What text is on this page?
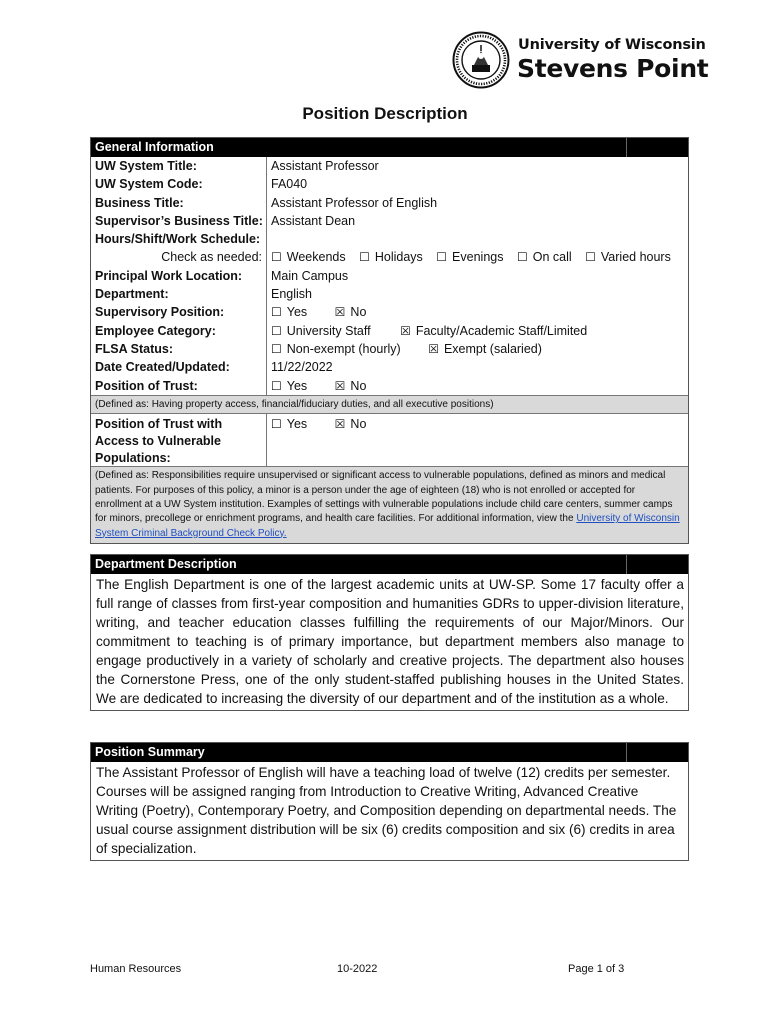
University of Wisconsin
Stevens Point
Position Description
General Information
UW System Title:	Assistant Professor
UW System Code:	FA040
Business Title:	Assistant Professor of English
Supervisor’s Business Title: Assistant Dean
Hours/Shift/Work Schedule:
Check as needed: ☐ Weekends ☐ Holidays ☐ Evenings ☐ On call ☐ Varied hours
Principal Work Location:	Main Campus
Department:	English
Supervisory Position:	☐ Yes ☒ No
Employee Category:	☐ University Staff ☒ Faculty/Academic Staff/Limited
FLSA Status:	☐ Non-exempt (hourly) ☒ Exempt (salaried)
Date Created/Updated:	11/22/2022
Position of Trust:	☐ Yes ☒ No
(Defined as: Having property access, financial/fiduciary duties, and all executive positions)
Position of Trust with Access to Vulnerable Populations:
☐ Yes ☒ No
(Defined as: Responsibilities require unsupervised or significant access to vulnerable populations, defined as minors and medical patients. For purposes of this policy, a minor is a person under the age of eighteen (18) who is not enrolled or accepted for enrollment at a UW System institution. Examples of settings with vulnerable populations include child care centers, summer camps for minors, precollege or enrichment programs, and health care facilities. For additional information, view the University of Wisconsin System Criminal Background Check Policy.
Department Description
The English Department is one of the largest academic units at UW-SP. Some 17 faculty offer a full range of classes from first-year composition and humanities GDRs to upper-division literature, writing, and teacher education classes fulfilling the requirements of our Major/Minors. Our commitment to teaching is of primary importance, but department members also manage to engage productively in a variety of scholarly and creative projects. The department also houses the Cornerstone Press, one of the only student-staffed publishing houses in the United States. We are dedicated to increasing the diversity of our department and of the institution as a whole.
Position Summary
The Assistant Professor of English will have a teaching load of twelve (12) credits per semester. Courses will be assigned ranging from Introduction to Creative Writing, Advanced Creative Writing (Poetry), Contemporary Poetry, and Composition depending on departmental needs. The usual course assignment distribution will be six (6) credits composition and six (6) credits in area of specialization.
Human Resources	10-2022	Page 1 of 3
